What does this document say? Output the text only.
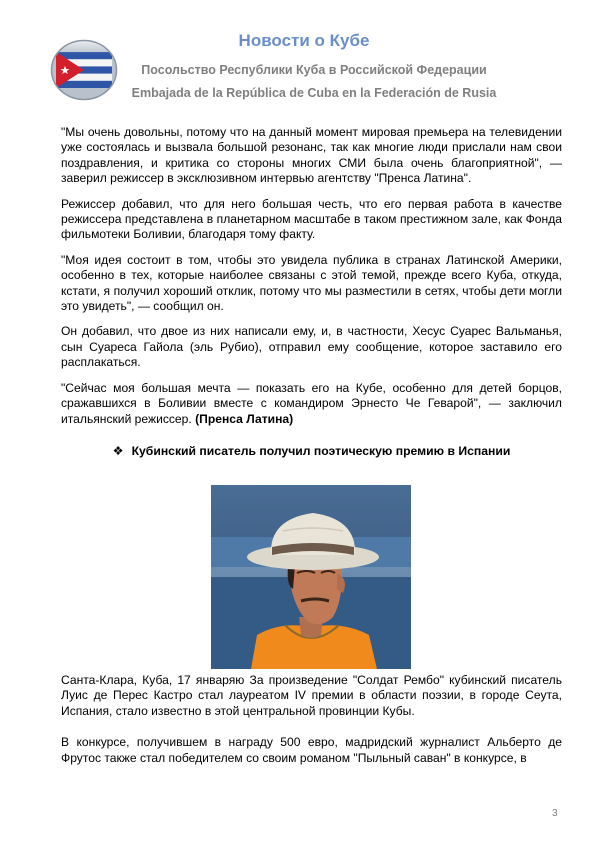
Новости о Кубе
Посольство Республики Куба в Российской Федерации
Embajada de la República de Cuba en la Federación de Rusia

"Мы очень довольны, потому что на данный момент мировая премьера на телевидении уже состоялась и вызвала большой резонанс, так как многие люди прислали нам свои поздравления, и критика со стороны многих СМИ была очень благоприятной", — заверил режиссер в эксклюзивном интервью агентству "Пренса Латина".

Режиссер добавил, что для него большая честь, что его первая работа в качестве режиссера представлена в планетарном масштабе в таком престижном зале, как Фонда фильмотеки Боливии, благодаря тому факту.

"Моя идея состоит в том, чтобы это увидела публика в странах Латинской Америки, особенно в тех, которые наиболее связаны с этой темой, прежде всего Куба, откуда, кстати, я получил хороший отклик, потому что мы разместили в сетях, чтобы дети могли это увидеть", — сообщил он.

Он добавил, что двое из них написали ему, и, в частности, Хесус Суарес Вальманья, сын Суареса Гайола (эль Рубио), отправил ему сообщение, которое заставило его расплакаться.

"Сейчас моя большая мечта — показать его на Кубе, особенно для детей борцов, сражавшихся в Боливии вместе с командиром Эрнесто Че Геварой", — заключил итальянский режиссер. (Пренса Латина)

❖ Кубинский писатель получил поэтическую премию в Испании

Санта-Клара, Куба, 17 январяю За произведение "Солдат Рембо" кубинский писатель Луис де Перес Кастро стал лауреатом IV премии в области поэзии, в городе Сеута, Испания, стало известно в этой центральной провинции Кубы.

В конкурсе, получившем в награду 500 евро, мадридский журналист Альберто де Фрутос также стал победителем со своим романом "Пыльный саван" в конкурсе, в

3
